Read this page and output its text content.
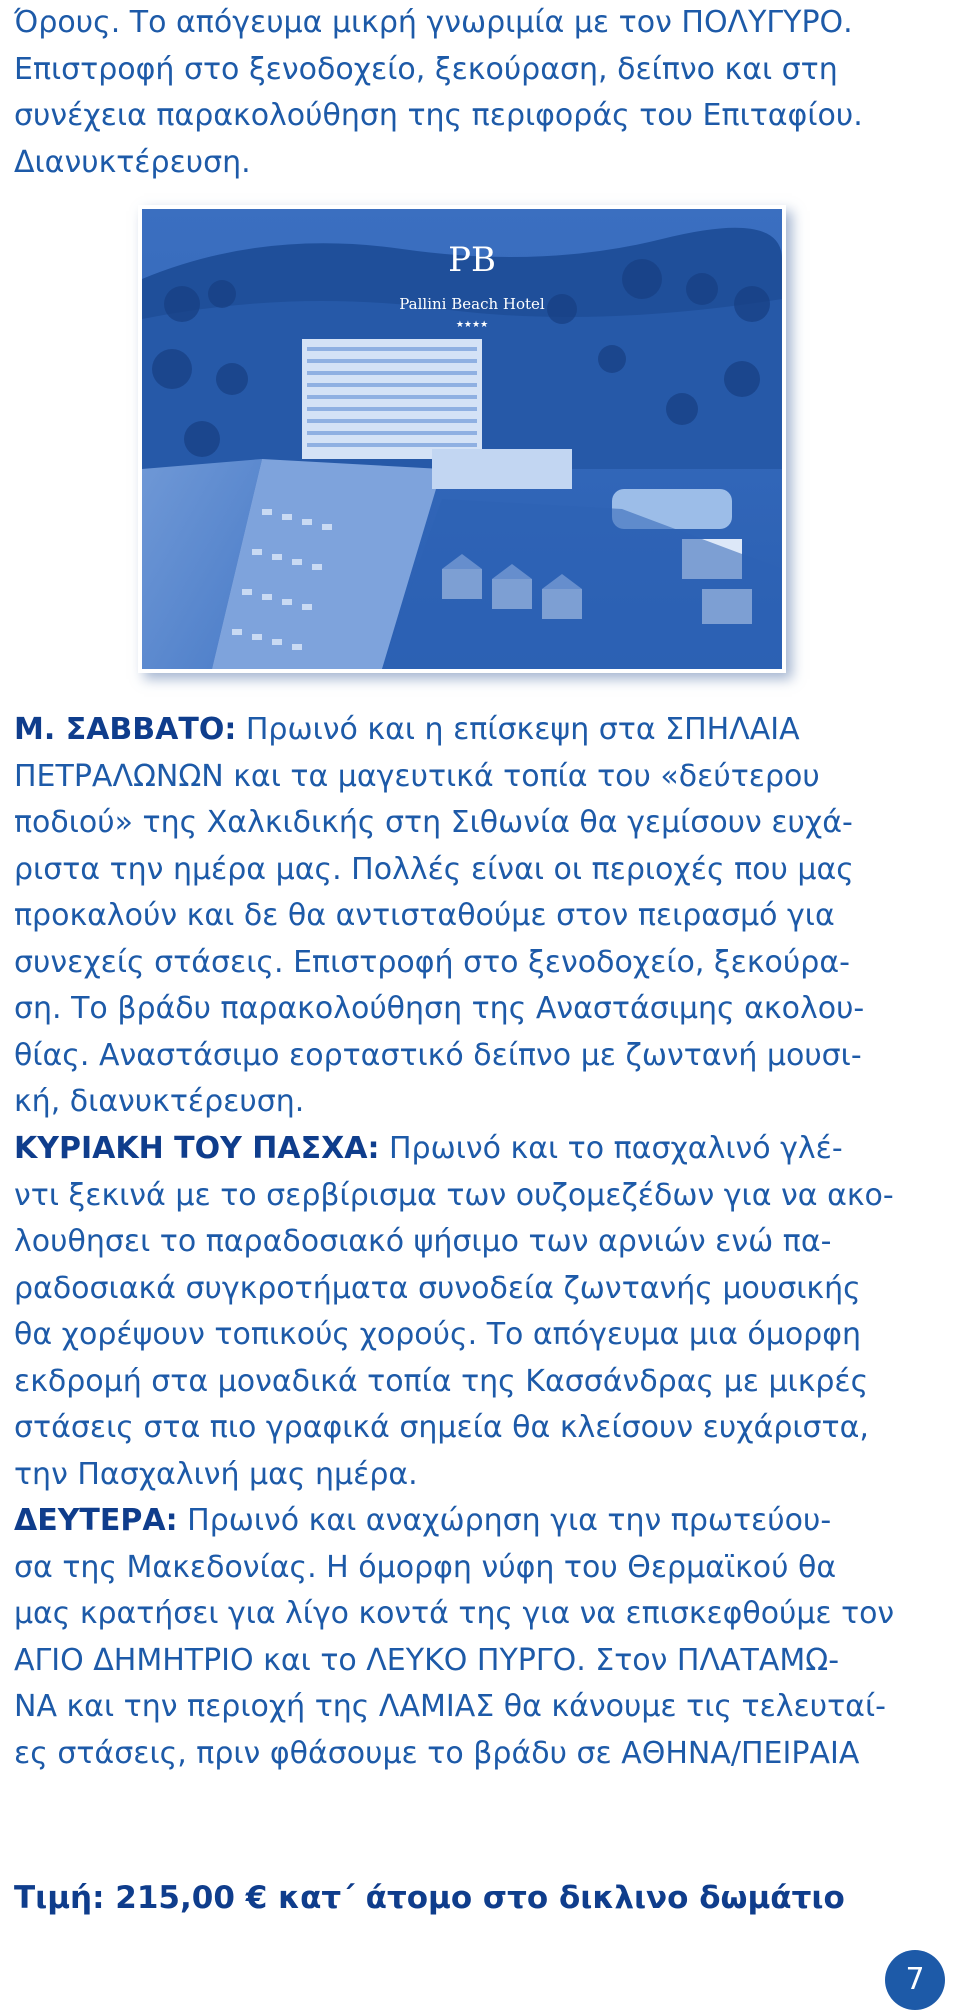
Όρους. Το απόγευμα μικρή γνωριμία με τον ΠΟΛΥΓΥΡΟ.
Επιστροφή στο ξενοδοχείο, ξεκούραση, δείπνο και στη
συνέχεια παρακολούθηση της περιφοράς του Επιταφίου.
Διανυκτέρευση.
PB
Pallini Beach Hotel
★★★★
Μ. ΣΑΒΒΑΤΟ: Πρωινό και η επίσκεψη στα ΣΠΗΛΑΙΑ
ΠΕΤΡΑΛΩΝΩΝ και τα μαγευτικά τοπία του «δεύτερου
ποδιού» της Χαλκιδικής στη Σιθωνία θα γεμίσουν ευχά-
ριστα την ημέρα μας. Πολλές είναι οι περιοχές που μας
προκαλούν και δε θα αντισταθούμε στον πειρασμό για
συνεχείς στάσεις. Επιστροφή στο ξενοδοχείο, ξεκούρα-
ση. Το βράδυ παρακολούθηση της Αναστάσιμης ακολου-
θίας. Αναστάσιμο εορταστικό δείπνο με ζωντανή μουσι-
κή, διανυκτέρευση.
ΚΥΡΙΑΚΗ ΤΟΥ ΠΑΣΧΑ: Πρωινό και το πασχαλινό γλέ-
ντι ξεκινά με το σερβίρισμα των ουζομεζέδων για να ακο-
λουθησει το παραδοσιακό ψήσιμο των αρνιών ενώ πα-
ραδοσιακά συγκροτήματα συνοδεία ζωντανής μουσικής
θα χορέψουν τοπικούς χορούς. Το απόγευμα μια όμορφη
εκδρομή στα μοναδικά τοπία της Κασσάνδρας με μικρές
στάσεις στα πιο γραφικά σημεία θα κλείσουν ευχάριστα,
την Πασχαλινή μας ημέρα.
ΔΕΥΤΕΡΑ: Πρωινό και αναχώρηση για την πρωτεύου-
σα της Μακεδονίας. Η όμορφη νύφη του Θερμαϊκού θα
μας κρατήσει για λίγο κοντά της για να επισκεφθούμε τον
ΑΓΙΟ ΔΗΜΗΤΡΙΟ και το ΛΕΥΚΟ ΠΥΡΓΟ. Στον ΠΛΑΤΑΜΩ-
ΝΑ και την περιοχή της ΛΑΜΙΑΣ θα κάνουμε τις τελευταί-
ες στάσεις, πριν φθάσουμε το βράδυ σε ΑΘΗΝΑ/ΠΕΙΡΑΙΑ
Τιμή: 215,00 € κατ΄ άτομο στο δικλινο δωμάτιο
7
